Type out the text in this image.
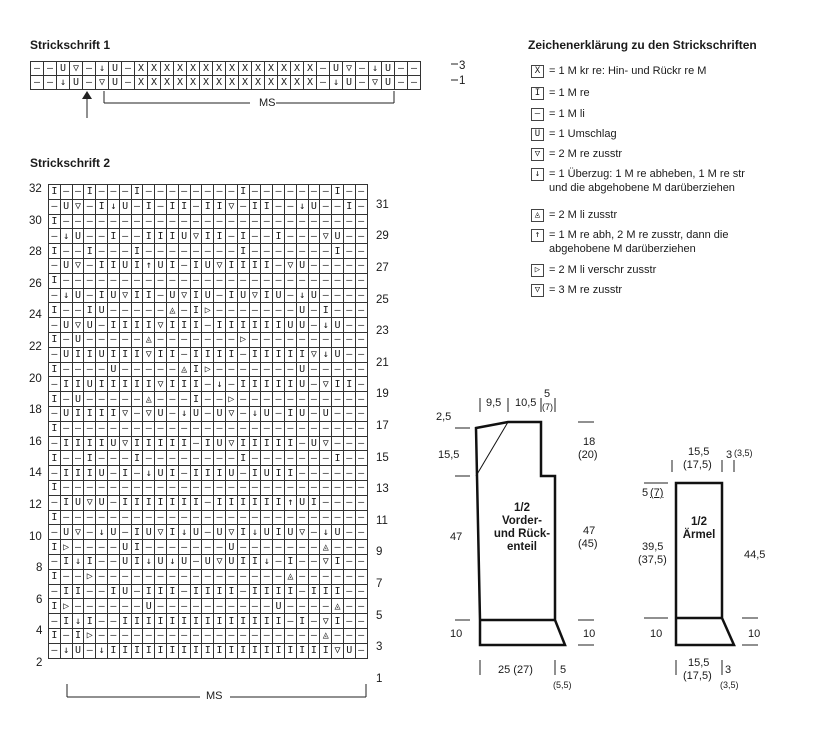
Strickschrift 1
–	–	U	▽	–	↓	U	–	X	X	X	X	X	X	X	X	X	X	X	X	X	X	–	U	▽	–	↓	U	–	–
–	–	↓	U	–	▽	U	–	X	X	X	X	X	X	X	X	X	X	X	X	X	X	–	↓	U	–	▽	U	–	–
3
1
MS
Strickschrift 2
I	–	–	I	–	–	–	I	–	–	–	–	–	–	–	–	I	–	–	–	–	–	–	–	I	–	–
–	U	▽	–	I	↓	U	–	I	–	I	I	–	I	I	▽	–	I	I	–	–	↓	U	–	–	I	–
I	–	–	–	–	–	–	–	–	–	–	–	–	–	–	–	–	–	–	–	–	–	–	–	–	–	–
–	↓	U	–	–	I	–	–	I	I	I	U	▽	I	I	–	I	–	–	I	–	–	–	▽	U	–	–
I	–	–	I	–	–	–	I	–	–	–	–	–	–	–	–	I	–	–	–	–	–	–	–	I	–	–
–	U	▽	–	I	I	U	I	↑	U	I	–	I	U	▽	I	I	I	I	–	▽	U	–	–	–	–	–
I	–	–	–	–	–	–	–	–	–	–	–	–	–	–	–	–	–	–	–	–	–	–	–	–	–	–
–	↓	U	–	I	U	▽	I	I	–	U	▽	I	U	–	I	U	▽	I	U	–	↓	U	–	–	–	–
I	–	–	I	U	–	–	–	–	–	◬	–	I	▷	–	–	–	–	–	–	–	U	–	I	–	–	–
–	U	▽	U	–	I	I	I	I	▽	I	I	I	–	I	I	I	I	I	I	U	U	–	↓	U	–	–
I	–	U	–	–	–	–	–	◬	–	–	–	–	–	–	–	▷	–	–	–	–	–	–	–	–	–	–
–	U	I	I	U	I	I	I	▽	I	I	–	I	I	I	I	–	I	I	I	I	I	▽	↓	U	–	–
I	–	–	–	–	U	–	–	–	–	–	◬	I	▷	–	–	–	–	–	–	–	U	–	–	–	–	–
–	I	I	U	I	I	I	I	I	▽	I	I	I	–	↓	–	I	I	I	I	I	U	–	▽	I	I	–
I	–	U	–	–	–	–	–	◬	–	–	–	I	–	–	▷	–	–	–	–	–	–	–	–	–	–	–
–	U	I	I	I	I	▽	–	▽	U	–	↓	U	–	U	▽	–	↓	U	–	I	U	–	U	–	–	–
I	–	–	–	–	–	–	–	–	–	–	–	–	–	–	–	–	–	–	–	–	–	–	–	–	–	–
–	I	I	I	I	U	▽	I	I	I	I	I	–	I	U	▽	I	I	I	I	I	–	U	▽	–	–	–
I	–	–	I	–	–	–	I	–	–	–	–	–	–	–	–	I	–	–	–	–	–	–	–	I	–	–
–	I	I	I	U	–	I	–	↓	U	I	–	I	I	I	U	–	I	U	I	I	–	–	–	–	–	–
I	–	–	–	–	–	–	–	–	–	–	–	–	–	–	–	–	–	–	–	–	–	–	–	–	–	–
–	I	U	▽	U	–	I	I	I	I	I	I	I	–	I	I	I	I	I	I	↑	U	I	–	–	–	–
I	–	–	–	–	–	–	–	–	–	–	–	–	–	–	–	–	–	–	–	–	–	–	–	–	–	–
–	U	▽	–	↓	U	–	I	U	▽	I	↓	U	–	U	▽	I	↓	U	I	U	▽	–	↓	U	–	–
I	▷	–	–	–	–	U	I	–	–	–	–	–	–	–	U	–	–	–	–	–	–	–	◬	–	–	–
–	I	↓	I	–	–	U	I	↓	U	↓	U	–	U	▽	U	I	I	↓	–	I	–	–	▽	I	–	–
I	–	–	▷	–	–	–	–	–	–	–	–	–	–	–	–	–	–	–	–	◬	–	–	–	–	–	–
–	I	I	–	–	I	U	–	I	I	I	–	I	I	I	I	–	I	I	I	I	–	I	I	I	–	–
I	▷	–	–	–	–	–	–	U	–	–	–	–	–	–	–	–	–	–	U	–	–	–	–	◬	–	–
–	I	↓	I	–	–	I	I	I	I	I	I	I	I	I	I	I	I	I	I	–	I	–	▽	I	–	–
I	–	I	▷	–	–	–	–	–	–	–	–	–	–	–	–	–	–	–	–	–	–	–	◬	–	–	–
–	↓	U	–	↓	I	I	I	I	I	I	I	I	I	I	I	I	I	I	I	I	I	I	I	▽	U	–
32
30
28
26
24
22
20
18
16
14
12
10
8
6
4
2
31
29
27
25
23
21
19
17
15
13
11
9
7
5
3
1
MS
Zeichenerklärung zu den Strickschriften
X = 1 M kr re: Hin- und Rückr re M
I = 1 M re
– = 1 M li
U = 1 Umschlag
▽ = 2 M re zusstr
↓ = 1 Überzug: 1 M re abheben, 1 M re str
und die abgehobene M darüberziehen
◬ = 2 M li zusstr
↑ = 1 M re abh, 2 M re zusstr, dann die
abgehobene M darüberziehen
▷ = 2 M li verschr zusstr
▽ = 3 M re zusstr
9,5 10,5
5
(7)
2,5
15,5
47
10
18
(20)
47
(45)
10
25 (27) 5
(5,5)
1/2
Vorder-
und Rück-
enteil
15,5
(17,5)
3 (3,5)
5 (7)
39,5
(37,5)
10
44,5
10
15,5
(17,5) 3
(3,5)
1/2
Ärmel
